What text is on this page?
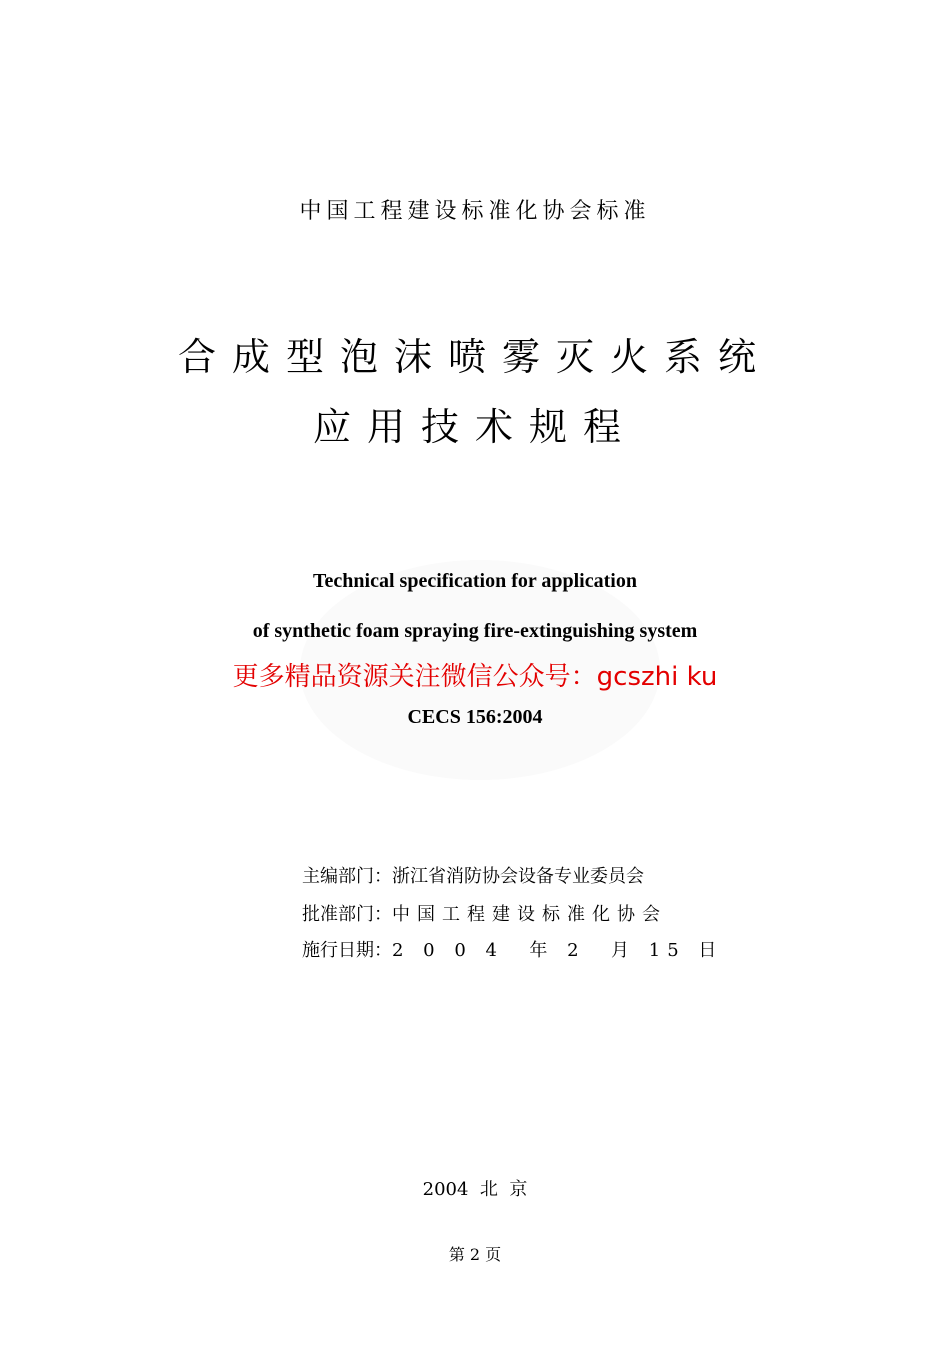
中国工程建设标准化协会标准
合成型泡沫喷雾灭火系统
应用技术规程
Technical specification for application
of synthetic foam spraying fire-extinguishing system
更多精品资源关注微信公众号：gcszhi ku
CECS 156:2004
主编部门：浙江省消防协会设备专业委员会
批准部门：中国工程建设标准化协会
施行日期：2 0 0 4  年 2  月 15 日
2004  北  京
第 2 页
